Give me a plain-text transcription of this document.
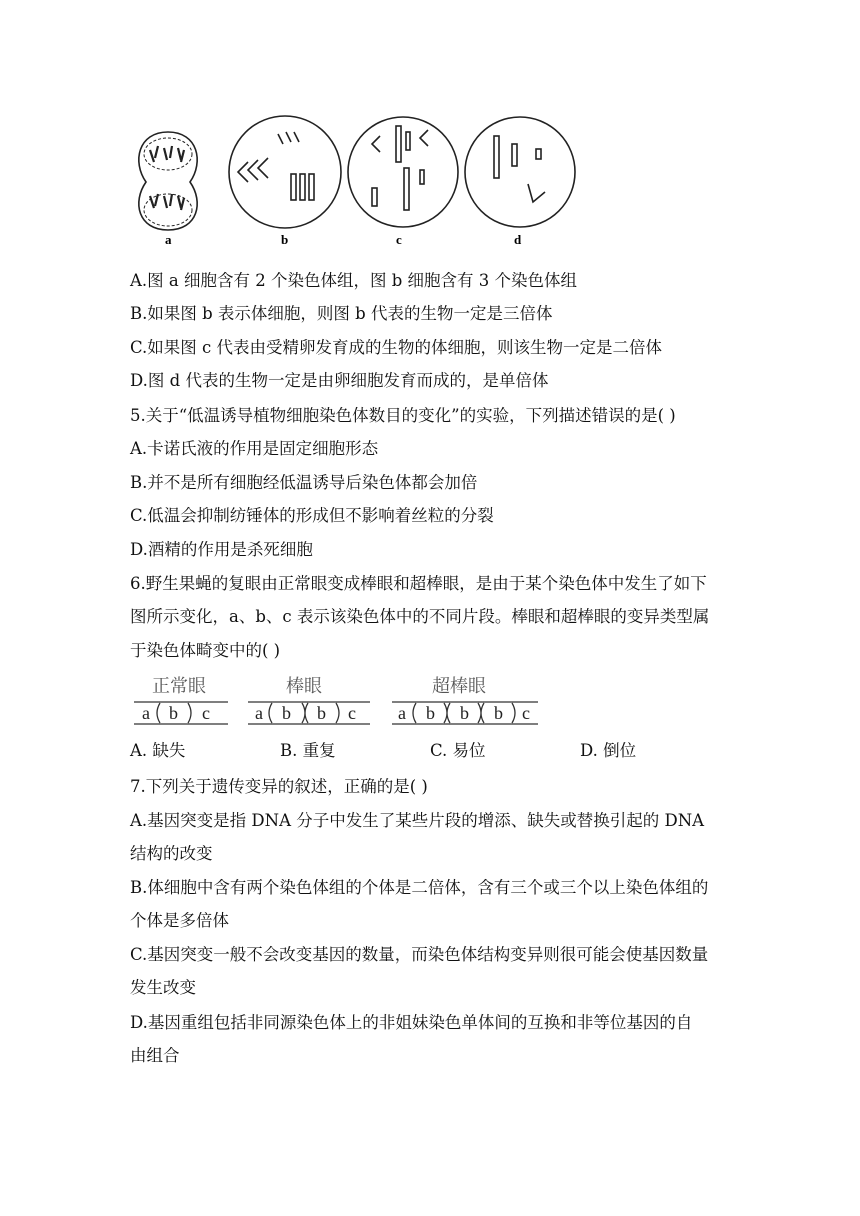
a	b	c	d
A.图 a 细胞含有 2 个染色体组，图 b 细胞含有 3 个染色体组
B.如果图 b 表示体细胞，则图 b 代表的生物一定是三倍体
C.如果图 c 代表由受精卵发育成的生物的体细胞，则该生物一定是二倍体
D.图 d 代表的生物一定是由卵细胞发育而成的，是单倍体
5.关于“低温诱导植物细胞染色体数目的变化”的实验，下列描述错误的是( )
A.卡诺氏液的作用是固定细胞形态
B.并不是所有细胞经低温诱导后染色体都会加倍
C.低温会抑制纺锤体的形成但不影响着丝粒的分裂
D.酒精的作用是杀死细胞
6.野生果蝇的复眼由正常眼变成棒眼和超棒眼，是由于某个染色体中发生了如下
图所示变化，a、b、c 表示该染色体中的不同片段。棒眼和超棒眼的变异类型属
于染色体畸变中的( )
正常眼	棒眼	超棒眼
a b c	a b b c a b b b c
A. 缺失	B. 重复	C. 易位	D. 倒位
7.下列关于遗传变异的叙述，正确的是( )
A.基因突变是指 DNA 分子中发生了某些片段的增添、缺失或替换引起的 DNA
结构的改变
B.体细胞中含有两个染色体组的个体是二倍体，含有三个或三个以上染色体组的
个体是多倍体
C.基因突变一般不会改变基因的数量，而染色体结构变异则很可能会使基因数量
发生改变
D.基因重组包括非同源染色体上的非姐妹染色单体间的互换和非等位基因的自
由组合
